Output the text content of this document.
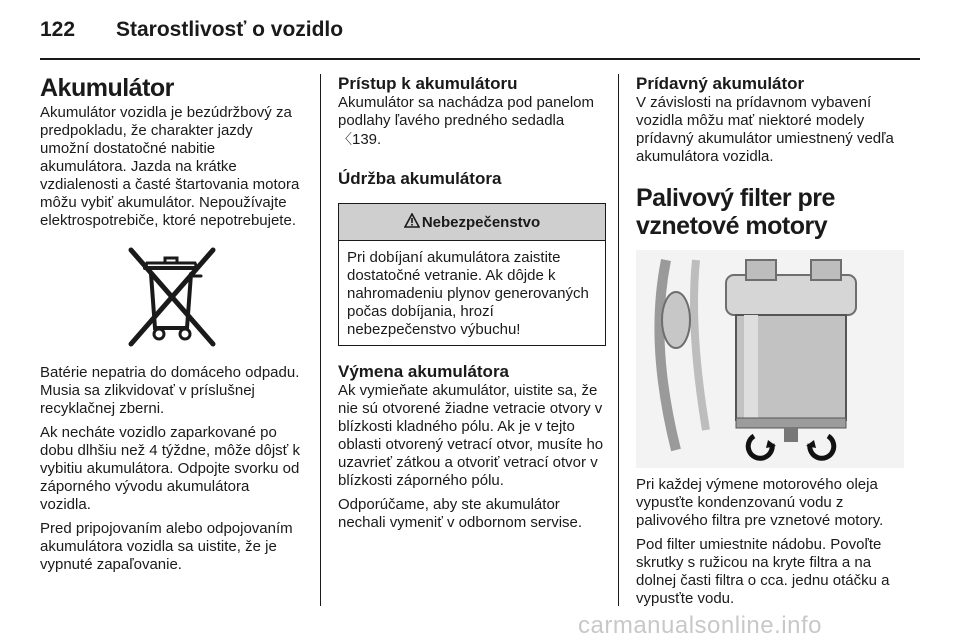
122 Starostlivosť o vozidlo
Akumulátor

Akumulátor vozidla je bezúdržbový za predpokladu, že charakter jazdy umožní dostatočné nabitie akumulátora. Jazda na krátke vzdialenosti a časté štartovania motora môžu vybiť akumulátor. Nepoužívajte elektrospotrebiče, ktoré nepotrebujete.

Batérie nepatria do domáceho odpadu. Musia sa zlikvidovať v príslušnej recyklačnej zberni.

Ak necháte vozidlo zaparkované po dobu dlhšiu než 4 týždne, môže dôjsť k vybitiu akumulátora. Odpojte svorku od záporného vývodu akumulátora vozidla.

Pred pripojovaním alebo odpojovaním akumulátora vozidla sa uistite, že je vypnuté zapaľovanie.

Prístup k akumulátoru

Akumulátor sa nachádza pod panelom podlahy ľavého predného sedadla 〈139.

Údržba akumulátora
Nebezpečenstvo

Pri dobíjaní akumulátora zaistite dostatočné vetranie. Ak dôjde k nahromadeniu plynov generovaných počas dobíjania, hrozí nebezpečenstvo výbuchu!

Výmena akumulátora

Ak vymieňate akumulátor, uistite sa, že nie sú otvorené žiadne vetracie otvory v blízkosti kladného pólu. Ak je v tejto oblasti otvorený vetrací otvor, musíte ho uzavrieť zátkou a otvoriť vetrací otvor v blízkosti záporného pólu.

Odporúčame, aby ste akumulátor nechali vymeniť v odbornom servise.

Prídavný akumulátor

V závislosti na prídavnom vybavení vozidla môžu mať niektoré modely prídavný akumulátor umiestnený vedľa akumulátora vozidla.

Palivový filter pre vznetové motory

Pri každej výmene motorového oleja vypusťte kondenzovanú vodu z palivového filtra pre vznetové motory.

Pod filter umiestnite nádobu. Povoľte skrutky s ružicou na kryte filtra a na dolnej časti filtra o cca. jednu otáčku a vypusťte vodu.

carmanualsonline.info
